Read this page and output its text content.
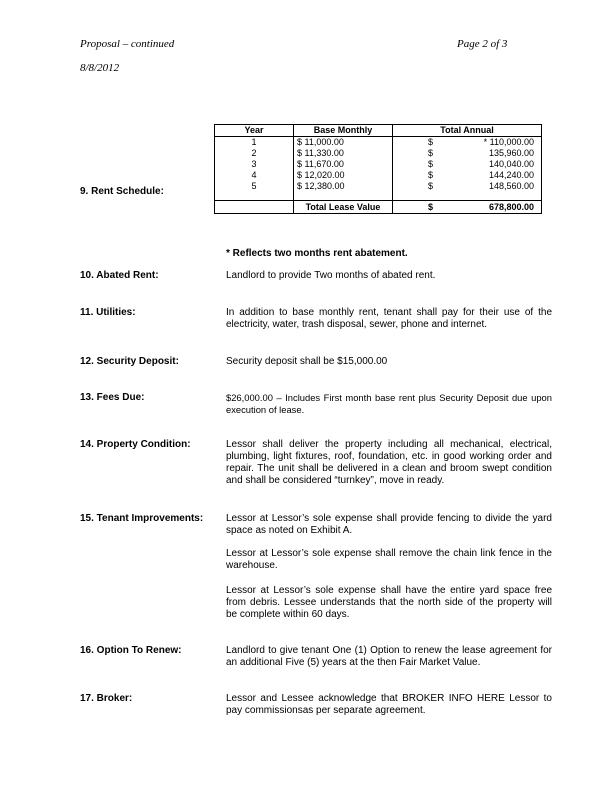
Proposal – continued
8/8/2012
Page 2 of 3
9. Rent Schedule:
Year	Base Monthly	Total Annual
1	$ 11,000.00	$ * 110,000.00
2	$ 11,330.00	$ 135,960.00
3	$ 11,670.00	$ 140,040.00
4	$ 12,020.00	$ 144,240.00
5	$ 12,380.00	$ 148,560.00

	Total Lease Value	$ 678,800.00
* Reflects two months rent abatement.
10. Abated Rent:	Landlord to provide Two months of abated rent.
11. Utilities:	In addition to base monthly rent, tenant shall pay for their use of the electricity, water, trash disposal, sewer, phone and internet.
12. Security Deposit:	Security deposit shall be $15,000.00
13. Fees Due:	$26,000.00 – Includes First month base rent plus Security Deposit due upon execution of lease.
14. Property Condition:	Lessor shall deliver the property including all mechanical, electrical, plumbing, light fixtures, roof, foundation, etc. in good working order and repair. The unit shall be delivered in a clean and broom swept condition and shall be considered “turnkey”, move in ready.
15. Tenant Improvements: Lessor at Lessor’s sole expense shall provide fencing to divide the yard space as noted on Exhibit A.
Lessor at Lessor’s sole expense shall remove the chain link fence in the warehouse.
Lessor at Lessor’s sole expense shall have the entire yard space free from debris. Lessee understands that the north side of the property will be complete within 60 days.
16. Option To Renew:	Landlord to give tenant One (1) Option to renew the lease agreement for an additional Five (5) years at the then Fair Market Value.
17. Broker:	Lessor and Lessee acknowledge that BROKER INFO HERE Lessor to pay commissionsas per separate agreement.
